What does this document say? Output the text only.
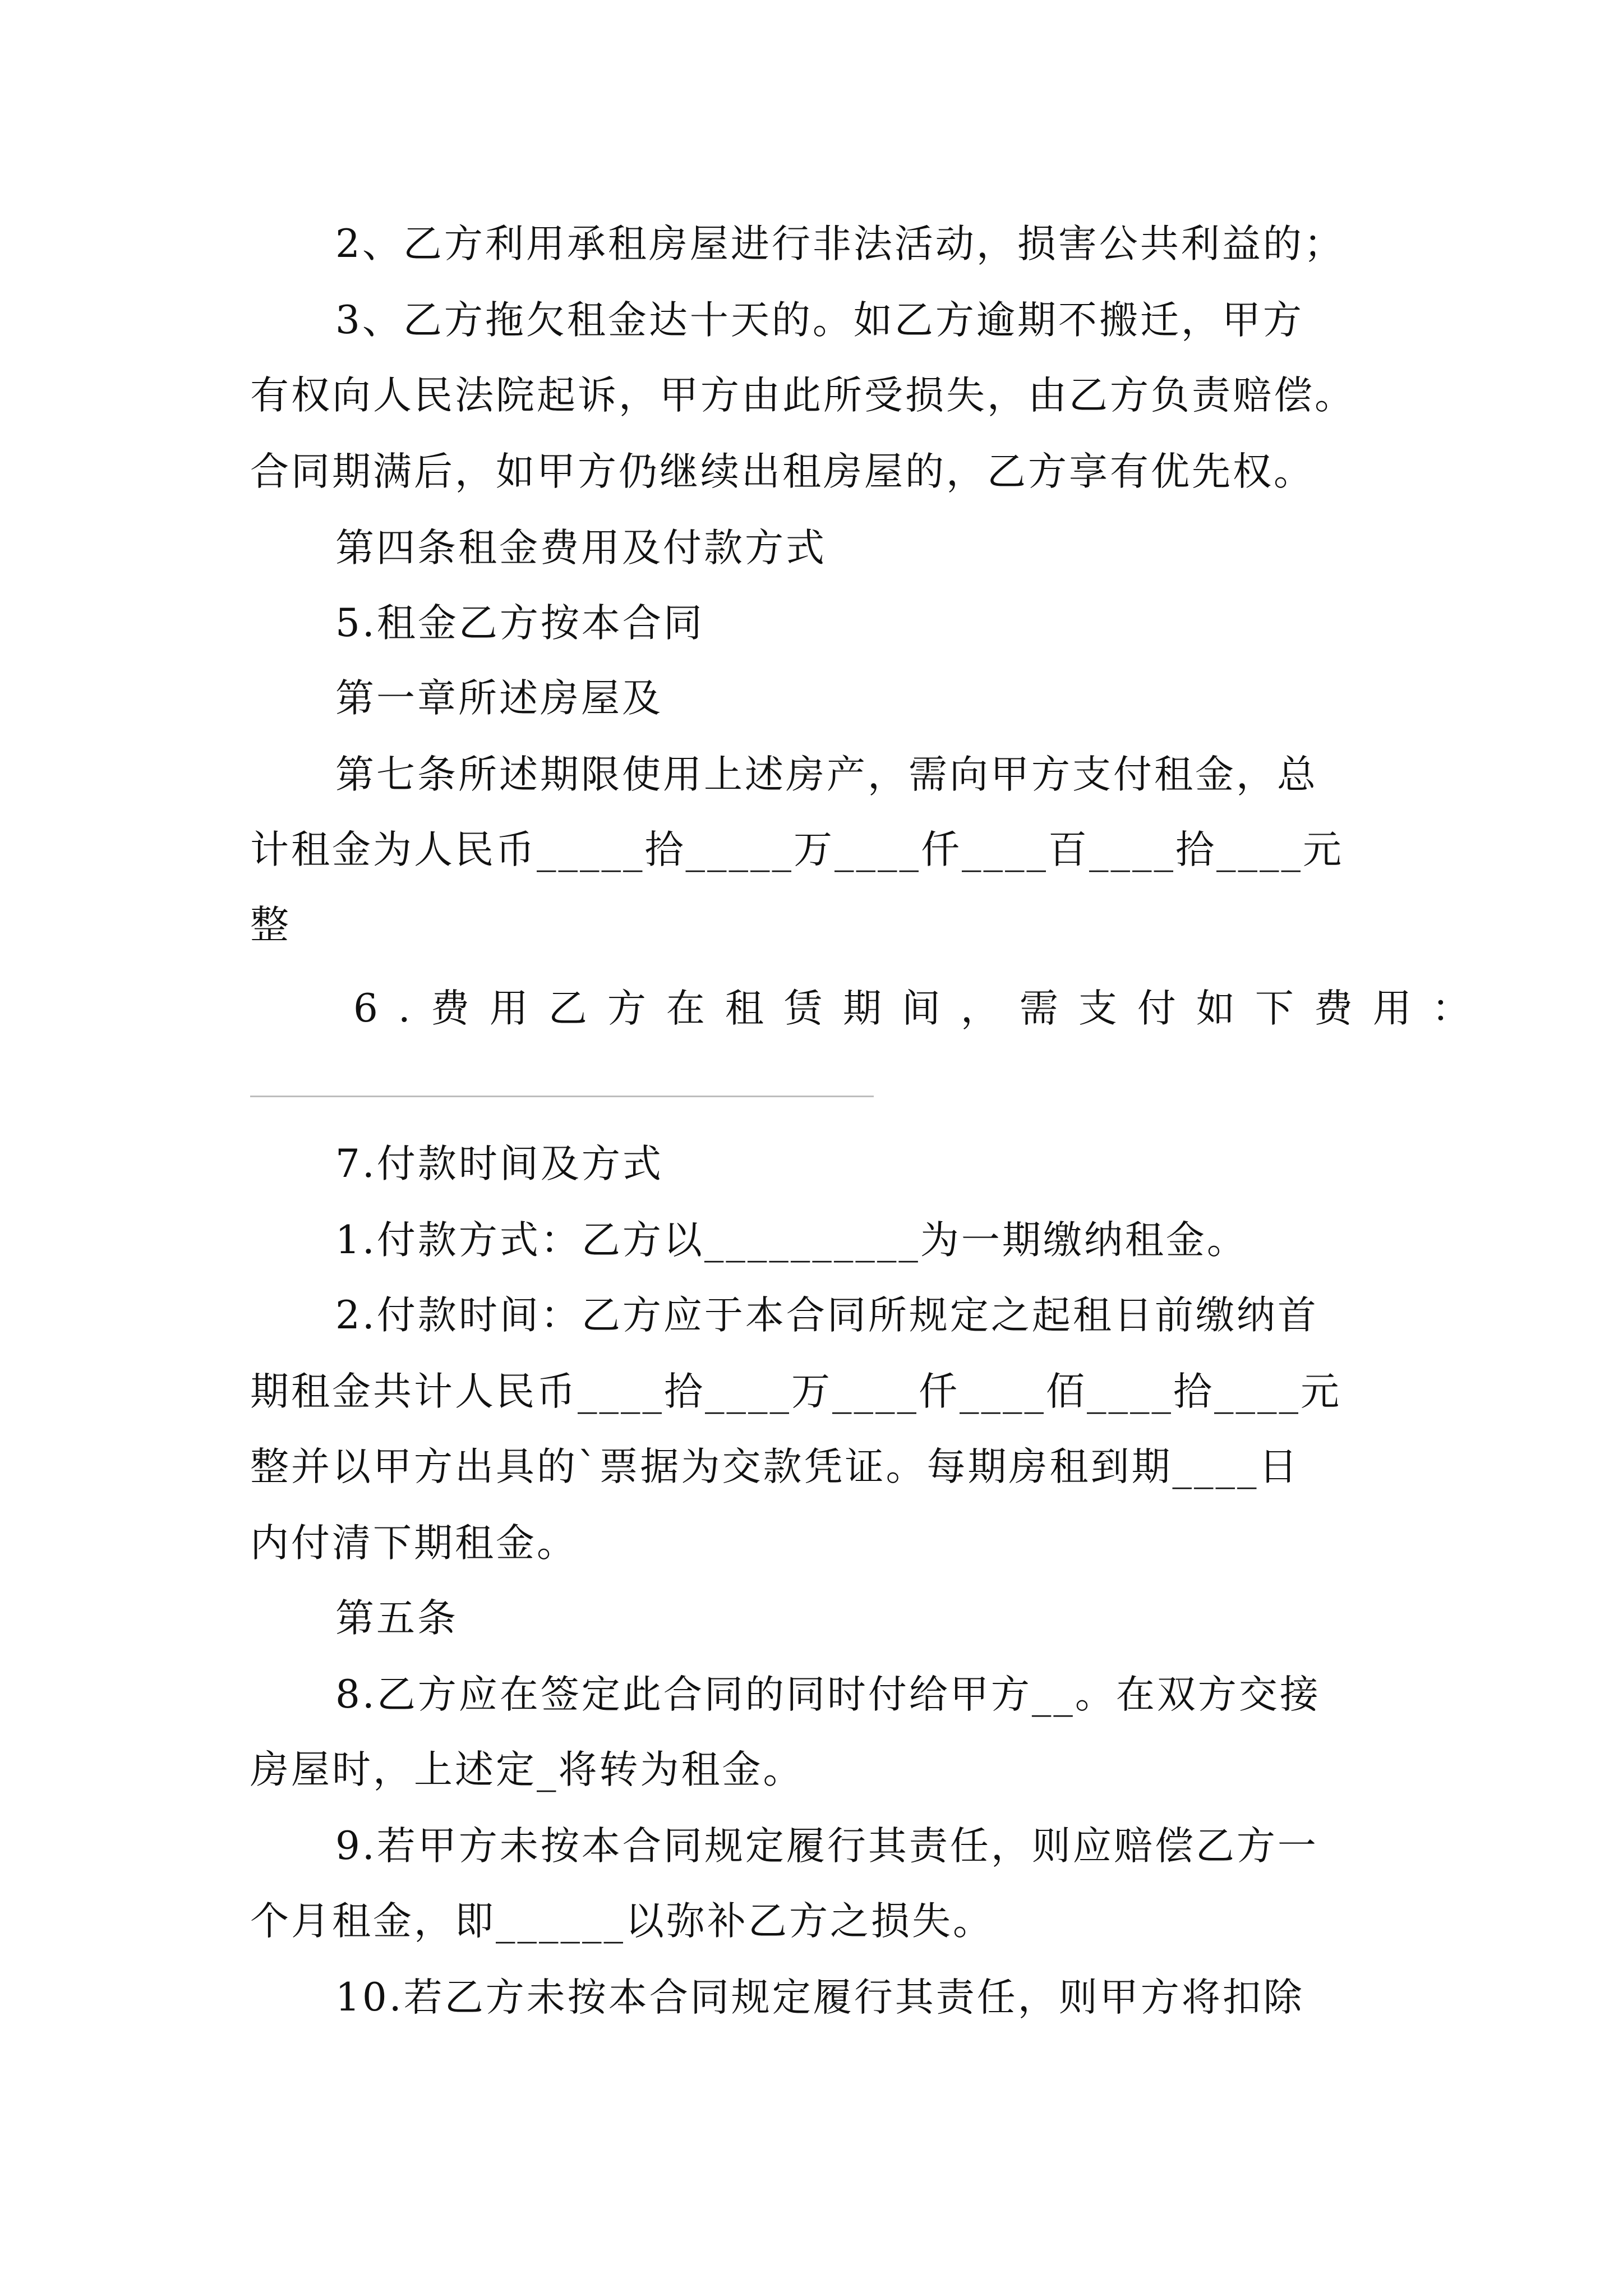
2、乙方利用承租房屋进行非法活动，损害公共利益的；
3、乙方拖欠租金达十天的。如乙方逾期不搬迁，甲方
有权向人民法院起诉，甲方由此所受损失，由乙方负责赔偿。
合同期满后，如甲方仍继续出租房屋的，乙方享有优先权。
第四条租金费用及付款方式
5.租金乙方按本合同
第一章所述房屋及
第七条所述期限使用上述房产，需向甲方支付租金，总
计租金为人民币_____拾_____万____仟____百____拾____元
整
6.费用乙方在租赁期间，需支付如下费用：
7.付款时间及方式
1.付款方式：乙方以__________为一期缴纳租金。
2.付款时间：乙方应于本合同所规定之起租日前缴纳首
期租金共计人民币____拾____万____仟____佰____拾____元
整并以甲方出具的`票据为交款凭证。每期房租到期____日
内付清下期租金。
第五条
8.乙方应在签定此合同的同时付给甲方__。在双方交接
房屋时，上述定_将转为租金。
9.若甲方未按本合同规定履行其责任，则应赔偿乙方一
个月租金，即______以弥补乙方之损失。
10.若乙方未按本合同规定履行其责任，则甲方将扣除
